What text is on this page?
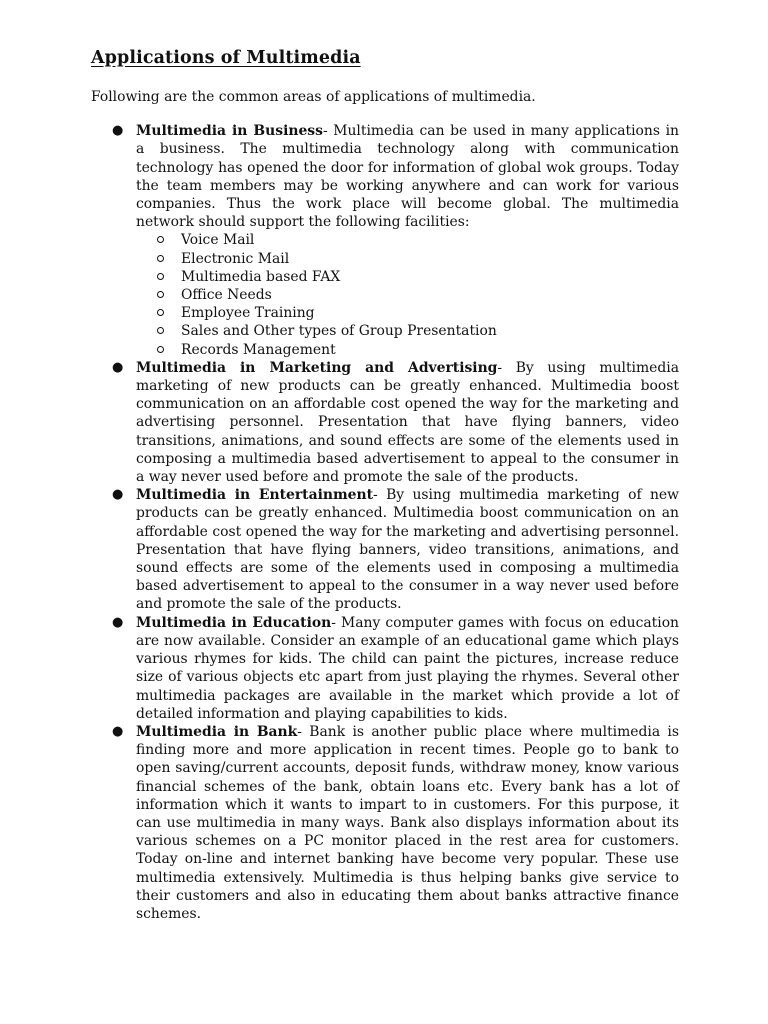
Applications of Multimedia

Following are the common areas of applications of multimedia.

● Multimedia in Business- Multimedia can be used in many applications in a business. The multimedia technology along with communication technology has opened the door for information of global wok groups. Today the team members may be working anywhere and can work for various companies. Thus the work place will become global. The multimedia network should support the following facilities:
Voice Mail
Electronic Mail
Multimedia based FAX
Office Needs
Employee Training
Sales and Other types of Group Presentation
Records Management
● Multimedia in Marketing and Advertising- By using multimedia marketing of new products can be greatly enhanced. Multimedia boost communication on an affordable cost opened the way for the marketing and advertising personnel. Presentation that have flying banners, video transitions, animations, and sound effects are some of the elements used in composing a multimedia based advertisement to appeal to the consumer in a way never used before and promote the sale of the products.
● Multimedia in Entertainment- By using multimedia marketing of new products can be greatly enhanced. Multimedia boost communication on an affordable cost opened the way for the marketing and advertising personnel. Presentation that have flying banners, video transitions, animations, and sound effects are some of the elements used in composing a multimedia based advertisement to appeal to the consumer in a way never used before and promote the sale of the products.
● Multimedia in Education- Many computer games with focus on education are now available. Consider an example of an educational game which plays various rhymes for kids. The child can paint the pictures, increase reduce size of various objects etc apart from just playing the rhymes. Several other multimedia packages are available in the market which provide a lot of detailed information and playing capabilities to kids.
● Multimedia in Bank- Bank is another public place where multimedia is finding more and more application in recent times. People go to bank to open saving/current accounts, deposit funds, withdraw money, know various financial schemes of the bank, obtain loans etc. Every bank has a lot of information which it wants to impart to in customers. For this purpose, it can use multimedia in many ways. Bank also displays information about its various schemes on a PC monitor placed in the rest area for customers. Today on-line and internet banking have become very popular. These use multimedia extensively. Multimedia is thus helping banks give service to their customers and also in educating them about banks attractive finance schemes.
